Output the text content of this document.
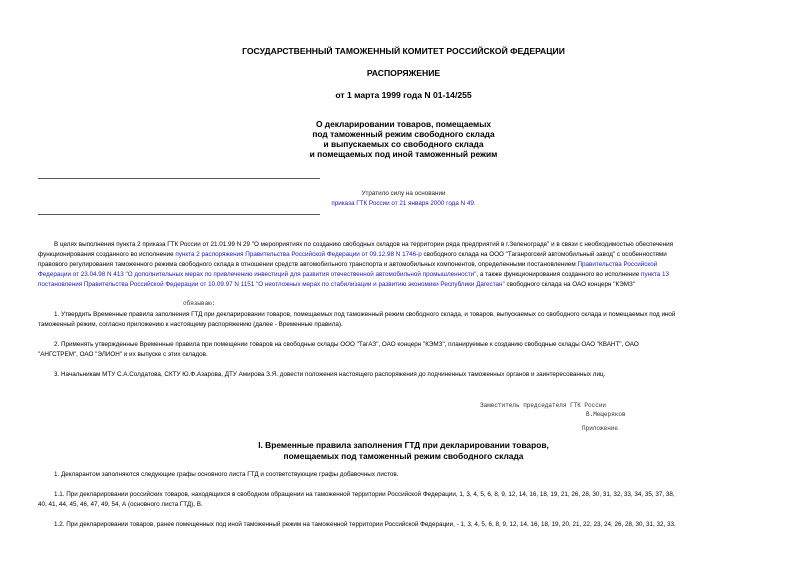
ГОСУДАРСТВЕННЫЙ ТАМОЖЕННЫЙ КОМИТЕТ РОССИЙСКОЙ ФЕДЕРАЦИИ
РАСПОРЯЖЕНИЕ
от 1 марта 1999 года N 01-14/255
О декларировании товаров, помещаемых
под таможенный режим свободного склада
и выпускаемых со свободного склада
и помещаемых под иной таможенный режим
Утратило силу на основании
приказа ГТК России от 21 января 2000 года N 49.
В целях выполнения пункта 2 приказа ГТК России от 21.01.99 N 29 "О мероприятиях по созданию свободных складов на территории ряда предприятий в г.Зеленограде" и в связи с необходимостью обеспечения
функционирования созданного во исполнение пункта 2 распоряжения Правительства Российской Федерации от 09.12.98 N 1746-р свободного склада на ООО "Таганрогский автомобильный завод" с особенностями
правового регулирования таможенного режима свободного склада в отношении средств автомобильного транспорта и автомобильных компонентов, определенными постановлением Правительства Российской
Федерации от 23.04.98 N 413 "О дополнительных мерах по привлечению инвестиций для развития отечественной автомобильной промышленности", а также функционирования созданного во исполнение пункта 13
постановления Правительства Российской Федерации от 10.09.97 N 1151 "О неотложных мерах по стабилизации и развитию экономики Республики Дагестан" свободного склада на ОАО концерн "КЭМЗ"
обязываю:
1. Утвердить Временные правила заполнения ГТД при декларировании товаров, помещаемых под таможенный режим свободного склада, и товаров, выпускаемых со свободного склада и помещаемых под иной
таможенный режим, согласно приложению к настоящему распоряжению (далее - Временные правила).
2. Применять утвержденные Временные правила при помещении товаров на свободные склады ООО "ТагАЗ", ОАО концерн "КЭМЗ", планируемые к созданию свободные склады ОАО "КВАНТ", ОАО
"АНГСТРЕМ", ОАО "ЭЛИОН" и их выпуске с этих складов.
3. Начальникам МТУ С.А.Солдатова, СКТУ Ю.Ф.Азарова, ДТУ Амирова З.Я. довести положения настоящего распоряжения до подчиненных таможенных органов и заинтересованных лиц.
Заместитель председателя ГТК России
В.Мещеряков
Приложение
I. Временные правила заполнения ГТД при декларировании товаров,
помещаемых под таможенный режим свободного склада
1. Декларантом заполняются следующие графы основного листа ГТД и соответствующие графы добавочных листов.
1.1. При декларировании российских товаров, находящихся в свободном обращении на таможенной территории Российской Федерации, 1, 3, 4, 5, 6, 8, 9, 12, 14, 16, 18, 19, 21, 26, 28, 30, 31, 32, 33, 34, 35, 37, 38,
40, 41, 44, 45, 46, 47, 49, 54, А (основного листа ГТД), В.
1.2. При декларировании товаров, ранее помещенных под иной таможенный режим на таможенной территории Российской Федерации, - 1, 3, 4, 5, 6, 8, 9, 12, 14, 16, 18, 19, 20, 21, 22, 23, 24, 26, 28, 30, 31, 32, 33,
